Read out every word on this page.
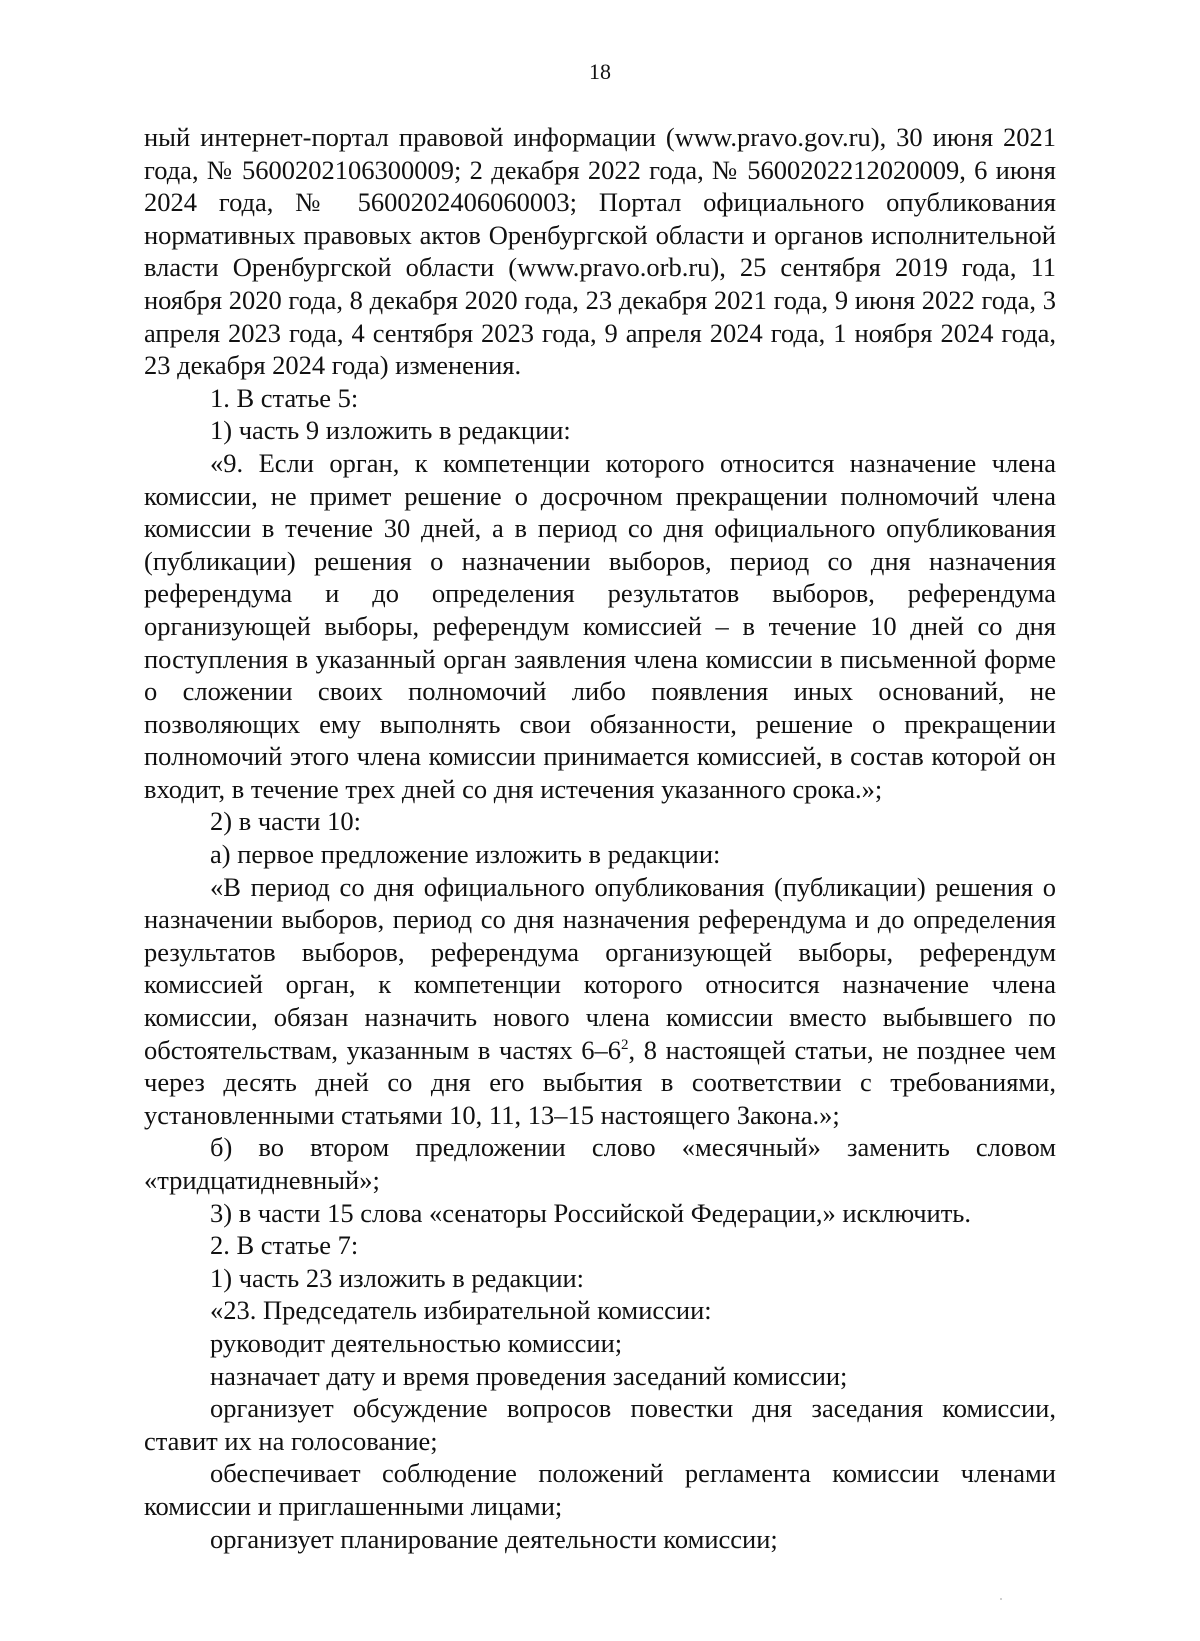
18

ный интернет-портал правовой информации (www.pravo.gov.ru), 30 июня 2021 года, № 5600202106300009; 2 декабря 2022 года, № 5600202212020009, 6 июня 2024 года, № 5600202406060003; Портал официального опубликования нормативных правовых актов Оренбургской области и органов исполнительной власти Оренбургской области (www.pravo.orb.ru), 25 сентября 2019 года, 11 ноября 2020 года, 8 декабря 2020 года, 23 декабря 2021 года, 9 июня 2022 года, 3 апреля 2023 года, 4 сентября 2023 года, 9 апреля 2024 года, 1 ноября 2024 года, 23 декабря 2024 года) изменения.

1. В статье 5:

1) часть 9 изложить в редакции:

«9. Если орган, к компетенции которого относится назначение члена комиссии, не примет решение о досрочном прекращении полномочий члена комиссии в течение 30 дней, а в период со дня официального опубликования (публикации) решения о назначении выборов, период со дня назначения референдума и до определения результатов выборов, референдума организующей выборы, референдум комиссией – в течение 10 дней со дня поступления в указанный орган заявления члена комиссии в письменной форме о сложении своих полномочий либо появления иных оснований, не позволяющих ему выполнять свои обязанности, решение о прекращении полномочий этого члена комиссии принимается комиссией, в состав которой он входит, в течение трех дней со дня истечения указанного срока.»;

2) в части 10:

а) первое предложение изложить в редакции:

«В период со дня официального опубликования (публикации) решения о назначении выборов, период со дня назначения референдума и до определения результатов выборов, референдума организующей выборы, референдум комиссией орган, к компетенции которого относится назначение члена комиссии, обязан назначить нового члена комиссии вместо выбывшего по обстоятельствам, указанным в частях $6-6^2$, 8 настоящей статьи, не позднее чем через десять дней со дня его выбытия в соответствии с требованиями, установленными статьями 10, 11, 13–15 настоящего Закона.»;

б) во втором предложении слово «месячный» заменить словом «тридцатидневный»;

3) в части 15 слова «сенаторы Российской Федерации,» исключить.

2. В статье 7:

1) часть 23 изложить в редакции:

«23. Председатель избирательной комиссии:

руководит деятельностью комиссии;

назначает дату и время проведения заседаний комиссии;

организует обсуждение вопросов повестки дня заседания комиссии, ставит их на голосование;

обеспечивает соблюдение положений регламента комиссии членами комиссии и приглашенными лицами;

организует планирование деятельности комиссии;
